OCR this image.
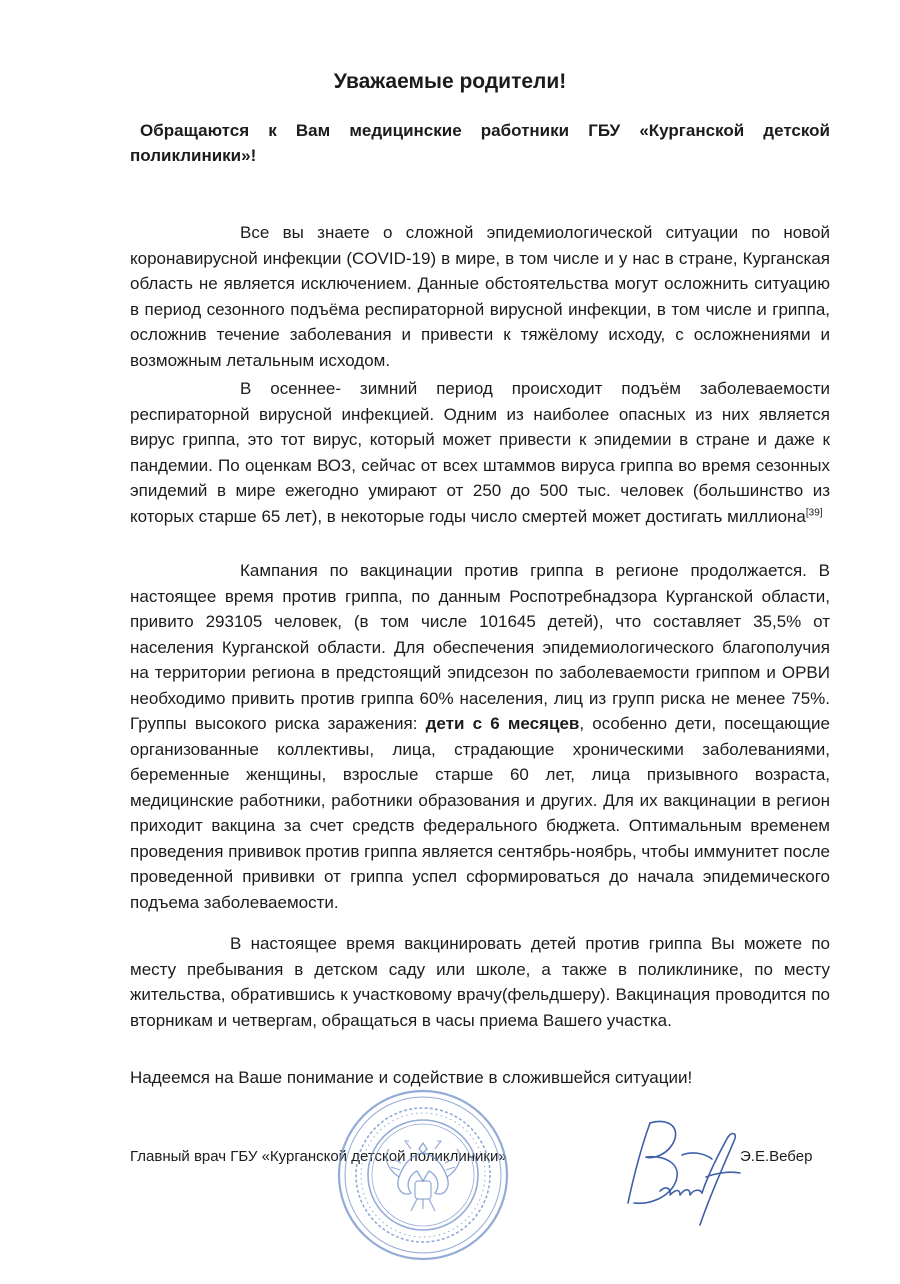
Уважаемые родители!

Обращаются к Вам медицинские работники ГБУ «Курганской детской поликлиники»!

Все вы знаете о сложной эпидемиологической ситуации по новой коронавирусной инфекции (COVID-19) в мире, в том числе и у нас в стране, Курганская область не является исключением. Данные обстоятельства могут осложнить ситуацию в период сезонного подъёма респираторной вирусной инфекции, в том числе и гриппа, осложнив течение заболевания и привести к тяжёлому исходу, с осложнениями и возможным летальным исходом.

В осеннее- зимний период происходит подъём заболеваемости респираторной вирусной инфекцией. Одним из наиболее опасных из них является вирус гриппа, это тот вирус, который может привести к эпидемии в стране и даже к пандемии. По оценкам ВОЗ, сейчас от всех штаммов вируса гриппа во время сезонных эпидемий в мире ежегодно умирают от 250 до 500 тыс. человек (большинство из которых старше 65 лет), в некоторые годы число смертей может достигать миллиона[39]

Кампания по вакцинации против гриппа в регионе продолжается. В настоящее время против гриппа, по данным Роспотребнадзора Курганской области, привито 293105 человек, (в том числе 101645 детей), что составляет 35,5% от населения Курганской области. Для обеспечения эпидемиологического благополучия на территории региона в предстоящий эпидсезон по заболеваемости гриппом и ОРВИ необходимо привить против гриппа 60% населения, лиц из групп риска не менее 75%. Группы высокого риска заражения: дети с 6 месяцев, особенно дети, посещающие организованные коллективы, лица, страдающие хроническими заболеваниями, беременные женщины, взрослые старше 60 лет, лица призывного возраста, медицинские работники, работники образования и других. Для их вакцинации в регион приходит вакцина за счет средств федерального бюджета. Оптимальным временем проведения прививок против гриппа является сентябрь-ноябрь, чтобы иммунитет после проведенной прививки от гриппа успел сформироваться до начала эпидемического подъема заболеваемости.

В настоящее время вакцинировать детей против гриппа Вы можете по месту пребывания в детском саду или школе, а также в поликлинике, по месту жительства, обратившись к участковому врачу(фельдшеру). Вакцинация проводится по вторникам и четвергам, обращаться в часы приема Вашего участка.

Надеемся на Ваше понимание и содействие в сложившейся ситуации!

Главный врач ГБУ «Курганской детской поликлиники»	Э.Е.Вебер
